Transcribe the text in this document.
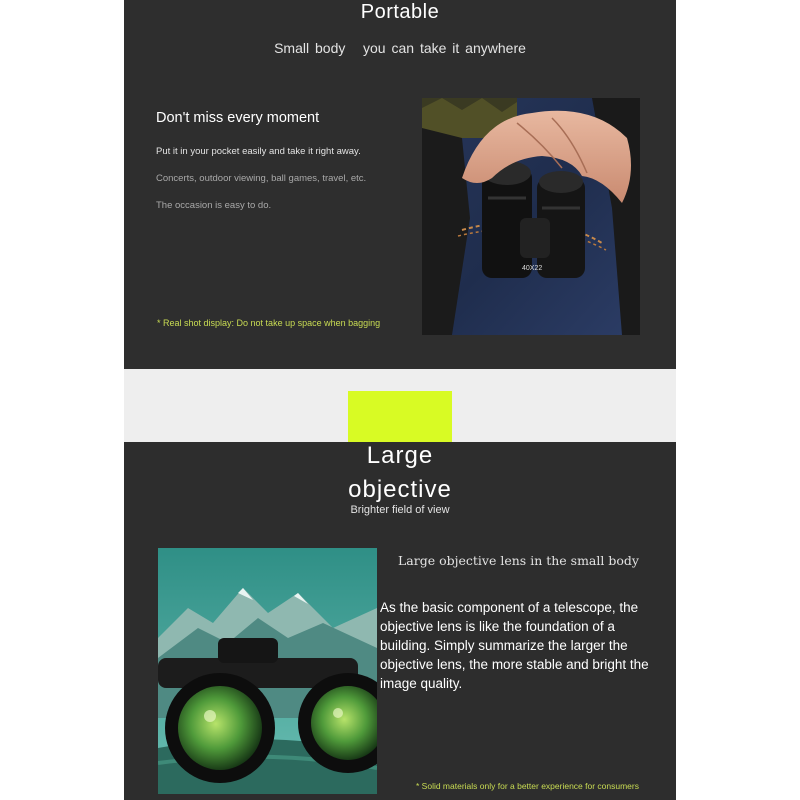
Portable

Small body   you can take it anywhere

Don't miss every moment

Put it in your pocket easily and take it right away.

Concerts, outdoor viewing, ball games, travel, etc.

The occasion is easy to do.

* Real shot display: Do not take up space when bagging

40X22
Large
objective

Brighter field of view

Large objective lens in the small body

As the basic component of a telescope, the objective lens is like the foundation of a building. Simply summarize the larger the objective lens, the more stable and bright the image quality.

* Solid materials only for a better experience for consumers
